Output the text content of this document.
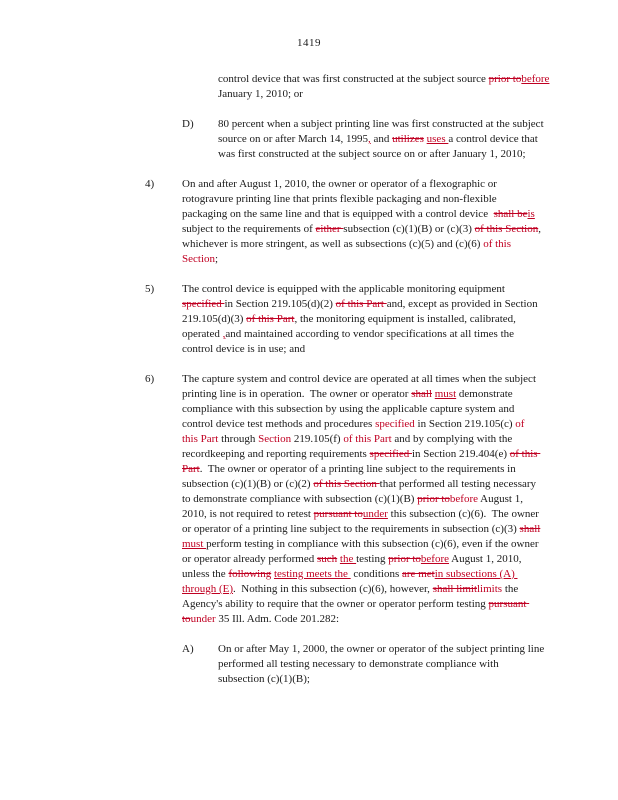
1419
control device that was first constructed at the subject source prior tobefore January 1, 2010; or
D)	80 percent when a subject printing line was first constructed at the subject source on or after March 14, 1995, and utilizes uses a control device that was first constructed at the subject source on or after January 1, 2010;
4)	On and after August 1, 2010, the owner or operator of a flexographic or rotogravure printing line that prints flexible packaging and non-flexible packaging on the same line and that is equipped with a control device  shall beis subject to the requirements of either subsection (c)(1)(B) or (c)(3) of this Section, whichever is more stringent, as well as subsections (c)(5) and (c)(6) of this Section;
5)	The control device is equipped with the applicable monitoring equipment specified in Section 219.105(d)(2) of this Part and, except as provided in Section 219.105(d)(3) of this Part, the monitoring equipment is installed, calibrated, operated ,and maintained according to vendor specifications at all times the control device is in use; and
6)	The capture system and control device are operated at all times when the subject printing line is in operation.  The owner or operator shall must demonstrate compliance with this subsection by using the applicable capture system and control device test methods and procedures specified in Section 219.105(c) of this Part through Section 219.105(f) of this Part and by complying with the recordkeeping and reporting requirements specified in Section 219.404(e) of this Part.  The owner or operator of a printing line subject to the requirements in subsection (c)(1)(B) or (c)(2) of this Section that performed all testing necessary to demonstrate compliance with subsection (c)(1)(B) prior tobefore August 1, 2010, is not required to retest pursuant tounder this subsection (c)(6).  The owner or operator of a printing line subject to the requirements in subsection (c)(3) shall must perform testing in compliance with this subsection (c)(6), even if the owner or operator already performed such the testing prior tobefore August 1, 2010, unless the following testing meets the  conditions are metin subsections (A) through (E).  Nothing in this subsection (c)(6), however, shall limitlimits the Agency's ability to require that the owner or operator perform testing pursuant tounder 35 Ill. Adm. Code 201.282:
A)	On or after May 1, 2000, the owner or operator of the subject printing line performed all testing necessary to demonstrate compliance with subsection (c)(1)(B);
